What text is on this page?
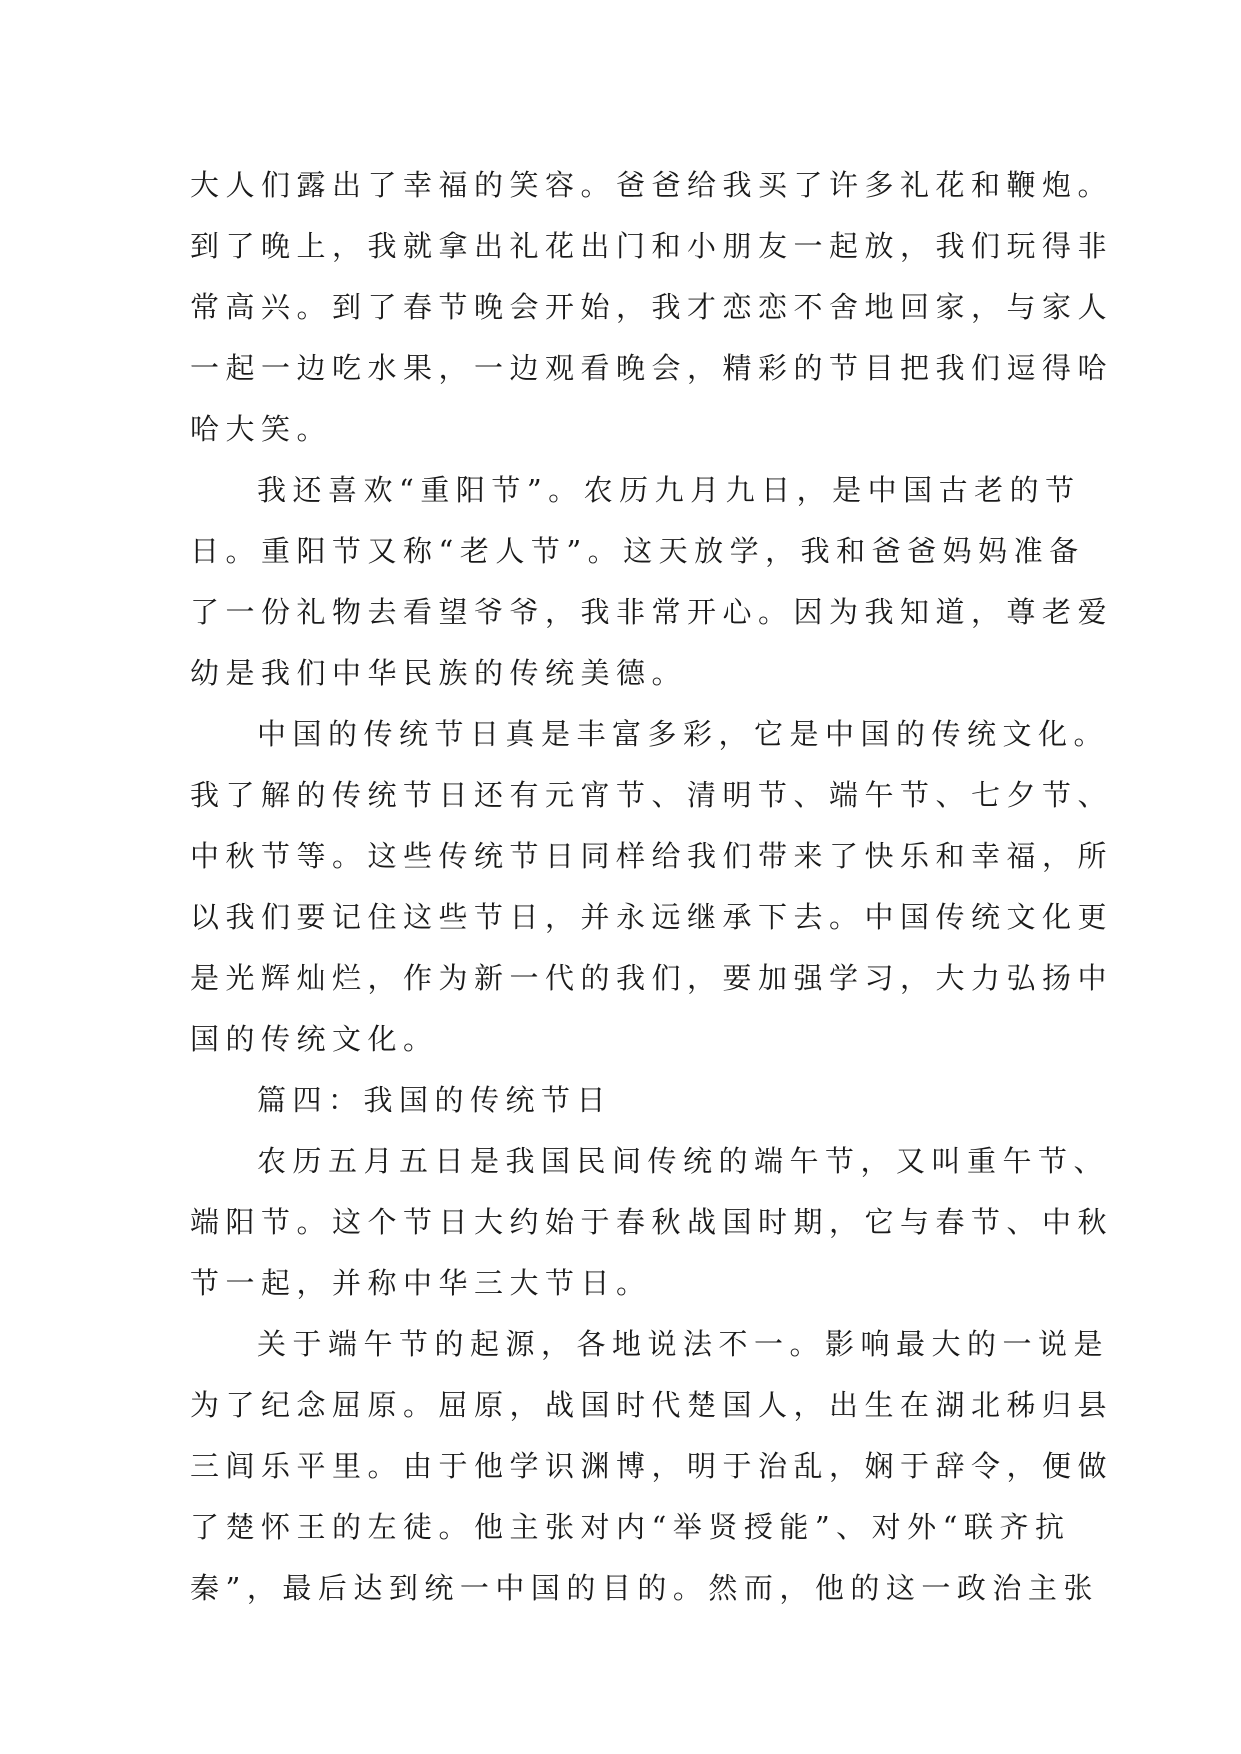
大人们露出了幸福的笑容。爸爸给我买了许多礼花和鞭炮。
到了晚上，我就拿出礼花出门和小朋友一起放，我们玩得非
常高兴。到了春节晚会开始，我才恋恋不舍地回家，与家人
一起一边吃水果，一边观看晚会，精彩的节目把我们逗得哈
哈大笑。
我还喜欢“重阳节”。农历九月九日，是中国古老的节
日。重阳节又称“老人节”。这天放学，我和爸爸妈妈准备
了一份礼物去看望爷爷，我非常开心。因为我知道，尊老爱
幼是我们中华民族的传统美德。
中国的传统节日真是丰富多彩，它是中国的传统文化。
我了解的传统节日还有元宵节、清明节、端午节、七夕节、
中秋节等。这些传统节日同样给我们带来了快乐和幸福，所
以我们要记住这些节日，并永远继承下去。中国传统文化更
是光辉灿烂，作为新一代的我们，要加强学习，大力弘扬中
国的传统文化。
篇四：我国的传统节日
农历五月五日是我国民间传统的端午节，又叫重午节、
端阳节。这个节日大约始于春秋战国时期，它与春节、中秋
节一起，并称中华三大节日。
关于端午节的起源，各地说法不一。影响最大的一说是
为了纪念屈原。屈原，战国时代楚国人，出生在湖北秭归县
三闾乐平里。由于他学识渊博，明于治乱，娴于辞令，便做
了楚怀王的左徒。他主张对内“举贤授能”、对外“联齐抗
秦”，最后达到统一中国的目的。然而，他的这一政治主张
